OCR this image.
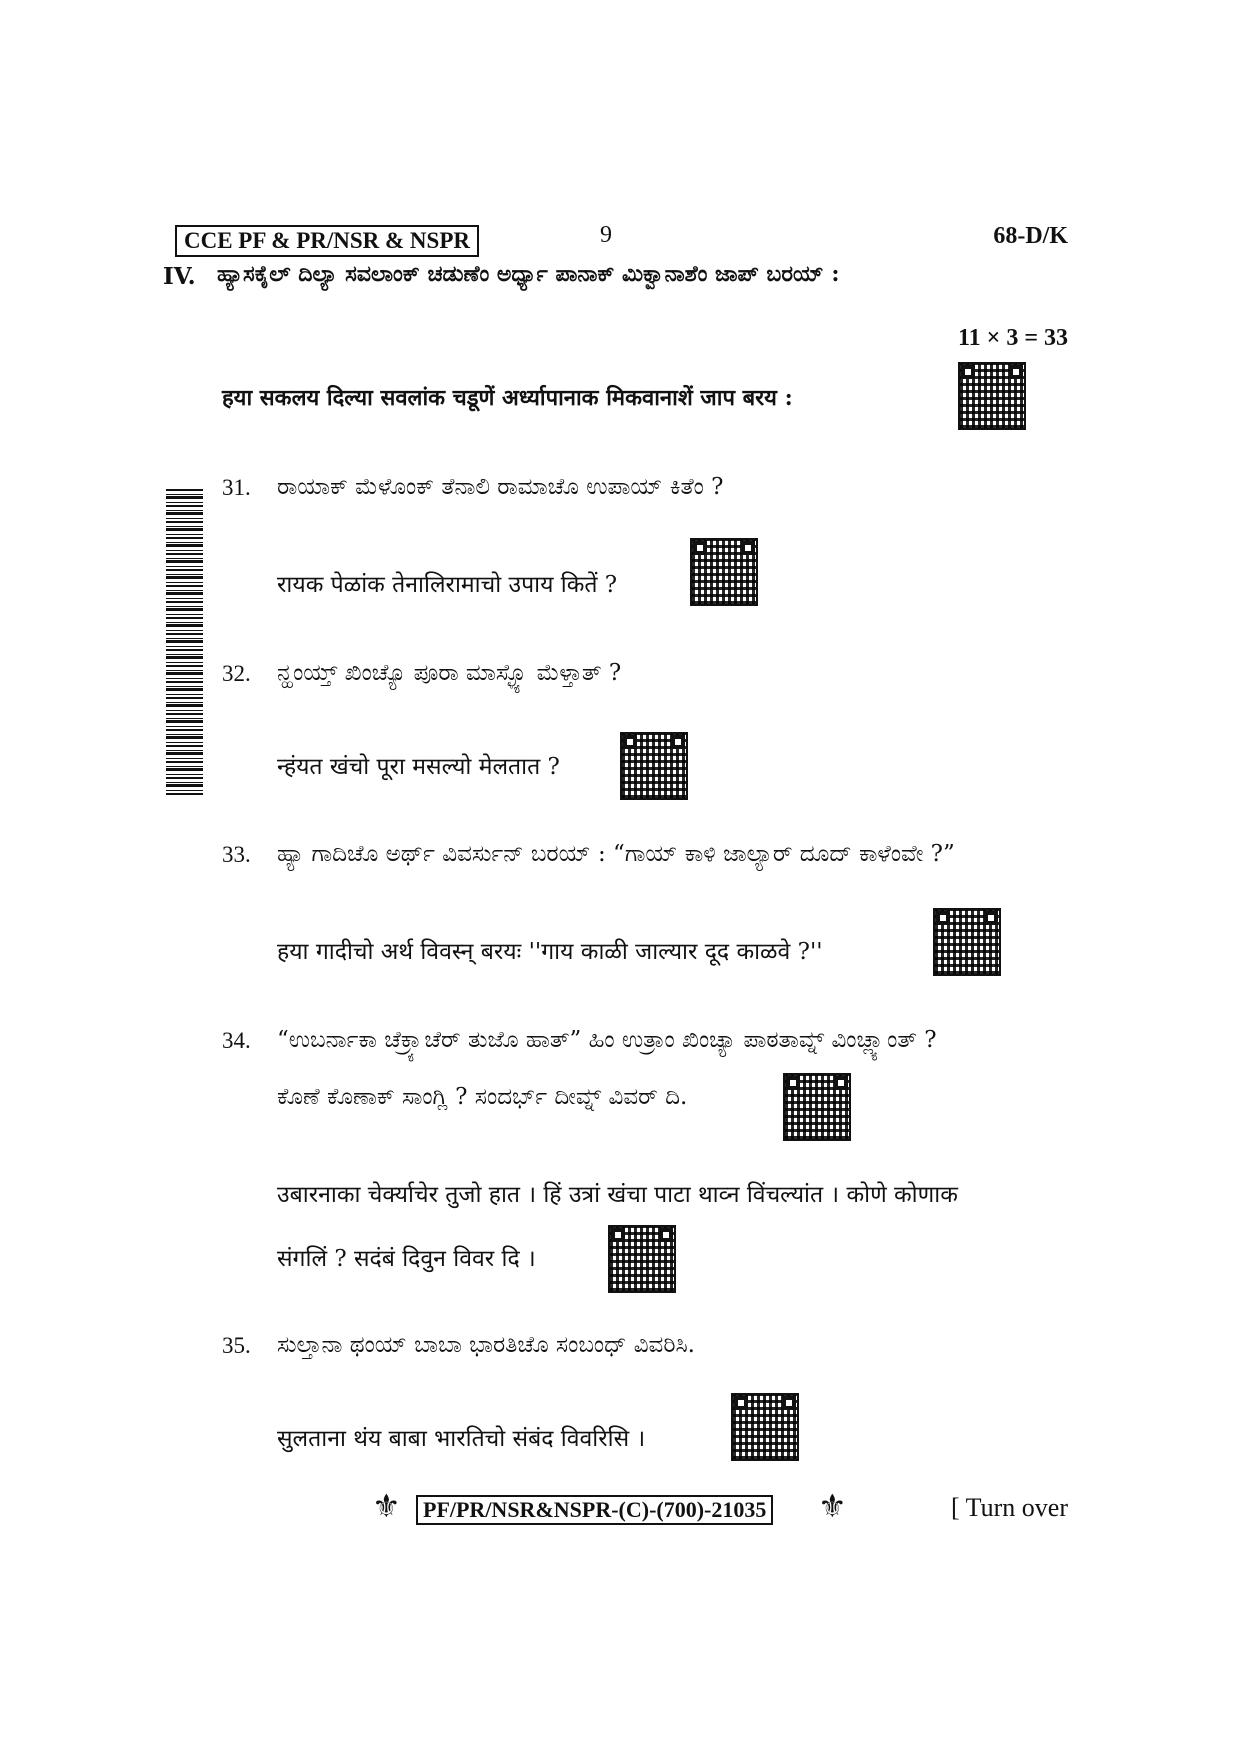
CCE PF & PR/NSR & NSPR	9	68-D/K
IV. ಹ್ಯಾಸಕೈಲ್ ದಿಲ್ಯಾ ಸವಲಾಂಕ್ ಚಡುಣೆಂ ಅರ್ಧ್ಯಾ ಪಾನಾಕ್ ಮಿಕ್ವಾನಾಶೆಂ ಜಾಪ್ ಬರಯ್ :
11 × 3 = 33
हया सकलय दिल्या सवलांक चडूणें अर्ध्यापानाक मिकवानाशें जाप बरय :
31. ರಾಯಾಕ್ ಮೆಳೊಂಕ್ ತೆನಾಲಿ ರಾಮಾಚೊ ಉಪಾಯ್ ಕಿತೆಂ ?
रायक पेळांक तेनालिरामाचो उपाय कितें ?
32. ನ್ಹಂಯ್ತ್ ಖಿಂಚ್ಯೊ ಪೂರಾ ಮಾಸ್ಳ್ಯೊ ಮೆಳ್ತಾತ್ ?
न्हंयत खंचो पूरा मसल्यो मेलतात ?
33. ಹ್ಯಾ ಗಾದಿಚೊ ಅರ್ಥ್ ವಿವರ್ಸುನ್ ಬರಯ್ : “ಗಾಯ್ ಕಾಳಿ ಜಾಲ್ಯಾರ್ ದೂದ್ ಕಾಳೆಂವೇ ?”
हया गादीचो अर्थ विवस्न् बरयः ''गाय काळी जाल्यार दूद काळवे ?''
34. “ಉಬರ್ನಾಕಾ ಚೆಕ್ರ್ಯಾಚೆರ್ ತುಜೊ ಹಾತ್” ಹಿಂ ಉತ್ರಾಂ ಖಿಂಚ್ಯಾ ಪಾಠತಾವ್ನ್ ವಿಂಚ್ಲ್ಯಾಂತ್ ?
ಕೊಣೆ ಕೊಣಾಕ್ ಸಾಂಗ್ಲಿ ? ಸಂದರ್ಭ್ ದೀವ್ನ್ ವಿವರ್ ದಿ.
उबारनाका चेर्क्याचेर तुजो हात । हिं उत्रां खंचा पाटा थाव्न विंचल्यांत । कोणे कोणाक
संगलिं ? सदंबं दिवुन विवर दि ।
35. ಸುಲ್ತಾನಾ ಥಂಯ್ ಬಾಬಾ ಭಾರತಿಚೊ ಸಂಬಂಧ್ ವಿವರಿಸಿ.
सुलताना थंय बाबा भारतिचो संबंद विवरिसि ।
⚜	PF/PR/NSR&NSPR-(C)-(700)-21035 ⚜	[ Turn over
